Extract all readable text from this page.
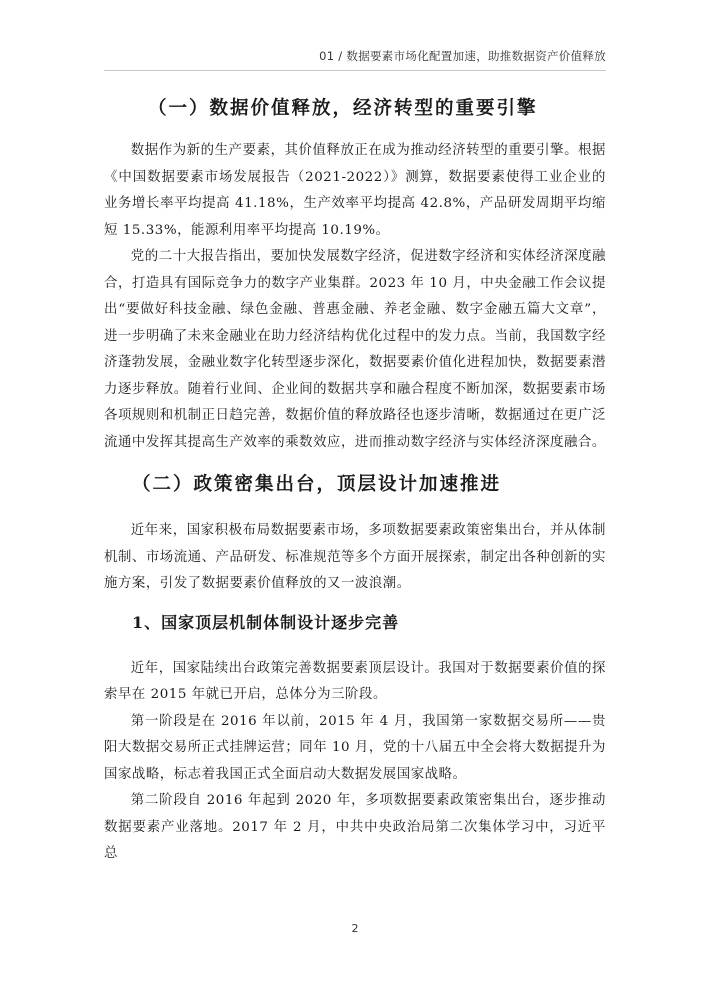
01 / 数据要素市场化配置加速，助推数据资产价值释放
（一）数据价值释放，经济转型的重要引擎

数据作为新的生产要素，其价值释放正在成为推动经济转型的重要引擎。根据《中国数据要素市场发展报告（2021-2022）》测算，数据要素使得工业企业的业务增长率平均提高 41.18%，生产效率平均提高 42.8%，产品研发周期平均缩短 15.33%，能源利用率平均提高 10.19%。

党的二十大报告指出，要加快发展数字经济，促进数字经济和实体经济深度融合，打造具有国际竞争力的数字产业集群。2023 年 10 月，中央金融工作会议提出“要做好科技金融、绿色金融、普惠金融、养老金融、数字金融五篇大文章”，进一步明确了未来金融业在助力经济结构优化过程中的发力点。当前，我国数字经济蓬勃发展，金融业数字化转型逐步深化，数据要素价值化进程加快，数据要素潜力逐步释放。随着行业间、企业间的数据共享和融合程度不断加深，数据要素市场各项规则和机制正日趋完善，数据价值的释放路径也逐步清晰，数据通过在更广泛流通中发挥其提高生产效率的乘数效应，进而推动数字经济与实体经济深度融合。

（二）政策密集出台，顶层设计加速推进

近年来，国家积极布局数据要素市场，多项数据要素政策密集出台，并从体制机制、市场流通、产品研发、标准规范等多个方面开展探索，制定出各种创新的实施方案，引发了数据要素价值释放的又一波浪潮。

1、国家顶层机制体制设计逐步完善

近年，国家陆续出台政策完善数据要素顶层设计。我国对于数据要素价值的探索早在 2015 年就已开启，总体分为三阶段。

第一阶段是在 2016 年以前，2015 年 4 月，我国第一家数据交易所——贵阳大数据交易所正式挂牌运营；同年 10 月，党的十八届五中全会将大数据提升为国家战略，标志着我国正式全面启动大数据发展国家战略。

第二阶段自 2016 年起到 2020 年，多项数据要素政策密集出台，逐步推动数据要素产业落地。2017 年 2 月，中共中央政治局第二次集体学习中，习近平总

2
